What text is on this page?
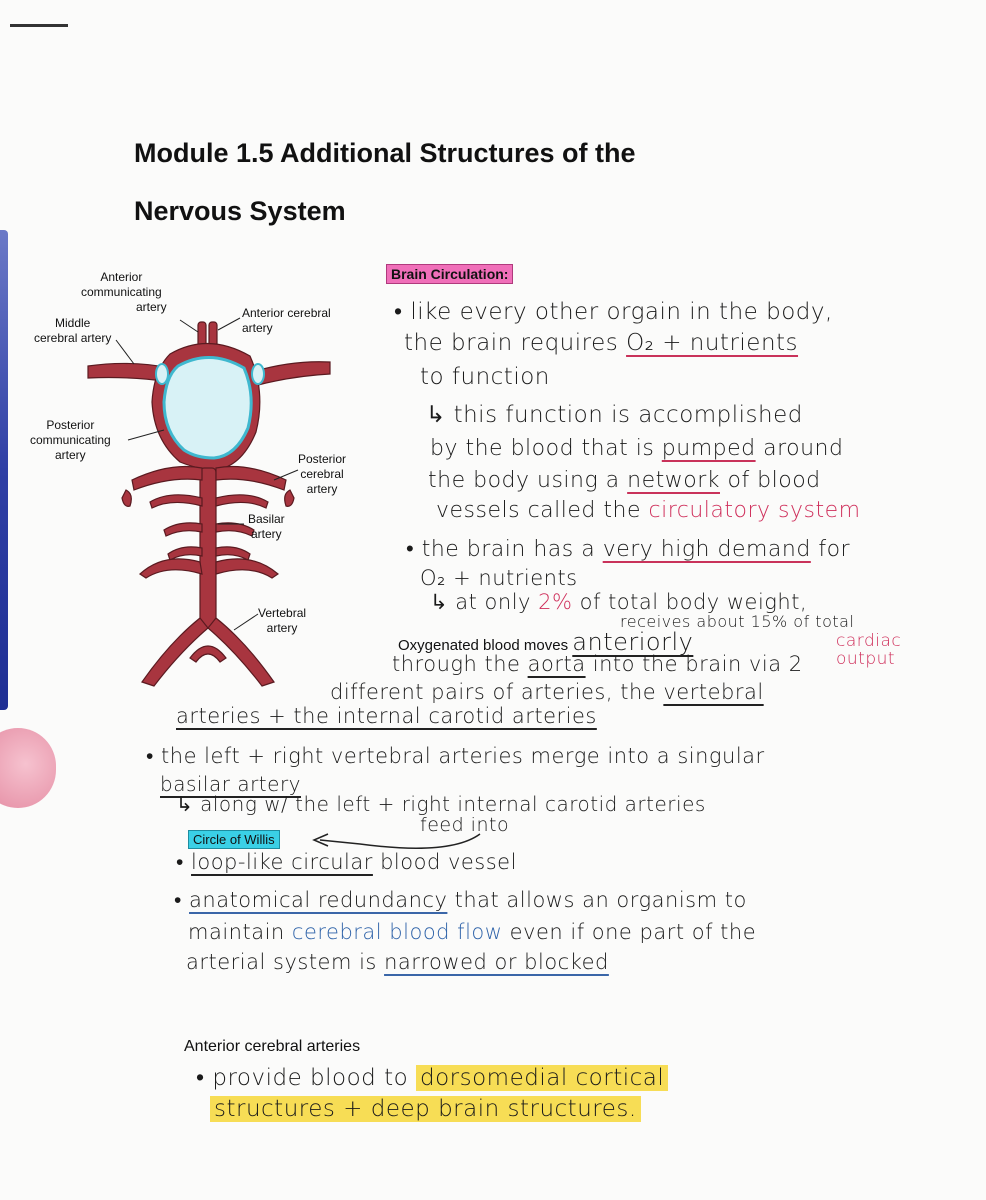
Module 1.5 Additional Structures of the
Nervous System
Anterior
communicating
artery	Anterior cerebral
artery
Middle
cerebral artery
Posterior
communicating
artery	Posterior
cerebral
artery
Basilar
artery
Vertebral
artery
Brain Circulation:
• like every other orgain in the body,
the brain requires O₂ + nutrients
to function
↳ this function is accomplished
by the blood that is pumped around
the body using a network of blood
vessels called the circulatory system
• the brain has a very high demand for
O₂ + nutrients
↳ at only 2% of total body weight,
receives about 15% of total
cardiac output
Oxygenated blood moves anteriorly
through the aorta into the brain via 2
different pairs of arteries, the vertebral
arteries + the internal carotid arteries
• the left + right vertebral arteries merge into a singular
basilar artery
↳ along w/ the left + right internal carotid arteries
feed into
Circle of Willis
• loop-like circular blood vessel
• anatomical redundancy that allows an organism to
maintain cerebral blood flow even if one part of the
arterial system is narrowed or blocked
Anterior cerebral arteries
• provide blood to dorsomedial cortical
structures + deep brain structures.
